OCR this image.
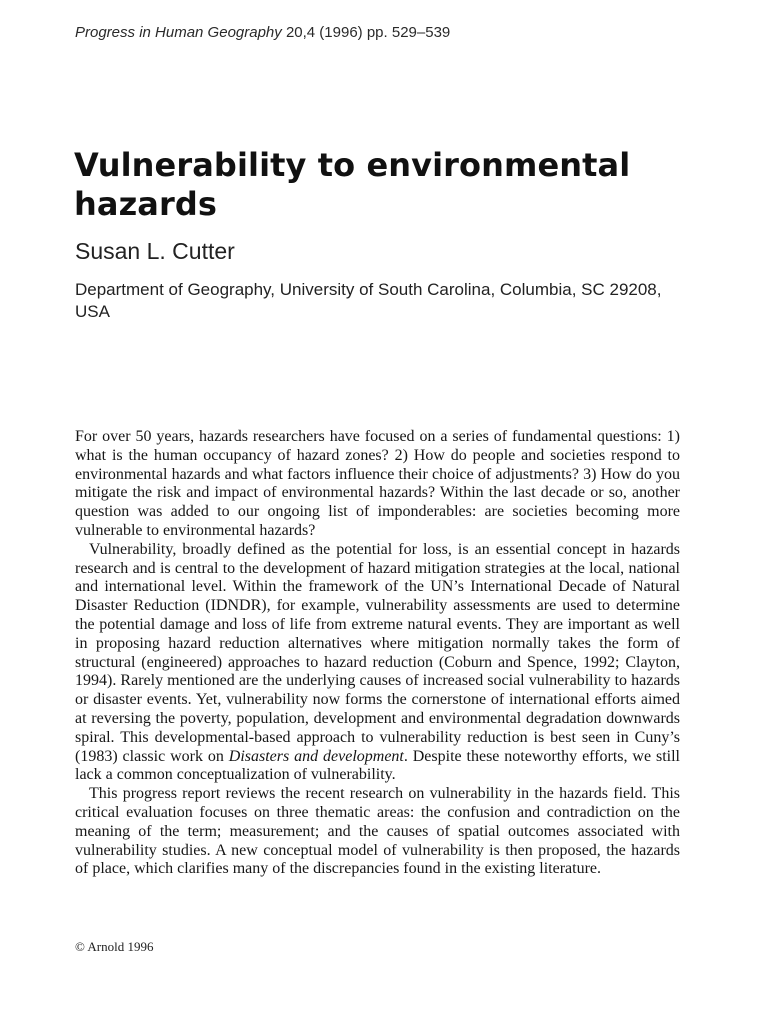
Progress in Human Geography 20,4 (1996) pp. 529–539
Vulnerability to environmental hazards
Susan L. Cutter
Department of Geography, University of South Carolina, Columbia, SC 29208, USA

For over 50 years, hazards researchers have focused on a series of fundamental questions: 1) what is the human occupancy of hazard zones? 2) How do people and societies respond to environmental hazards and what factors influence their choice of adjustments? 3) How do you mitigate the risk and impact of environmental hazards? Within the last decade or so, another question was added to our ongoing list of imponderables: are societies becoming more vulnerable to environmental hazards?

Vulnerability, broadly defined as the potential for loss, is an essential concept in hazards research and is central to the development of hazard mitigation strategies at the local, national and international level. Within the framework of the UN’s International Decade of Natural Disaster Reduction (IDNDR), for example, vulnerability assessments are used to determine the potential damage and loss of life from extreme natural events. They are important as well in proposing hazard reduction alternatives where mitigation normally takes the form of structural (engineered) approaches to hazard reduction (Coburn and Spence, 1992; Clayton, 1994). Rarely mentioned are the underlying causes of increased social vulnerability to hazards or disaster events. Yet, vulnerability now forms the cornerstone of international efforts aimed at reversing the poverty, population, development and environmental degradation downwards spiral. This developmental-based approach to vulnerability reduction is best seen in Cuny’s (1983) classic work on Disasters and development. Despite these noteworthy efforts, we still lack a common conceptualization of vulnerability.

This progress report reviews the recent research on vulnerability in the hazards field. This critical evaluation focuses on three thematic areas: the confusion and contradiction on the meaning of the term; measurement; and the causes of spatial outcomes associated with vulnerability studies. A new conceptual model of vulnerability is then proposed, the hazards of place, which clarifies many of the discrepancies found in the existing literature.

© Arnold 1996
